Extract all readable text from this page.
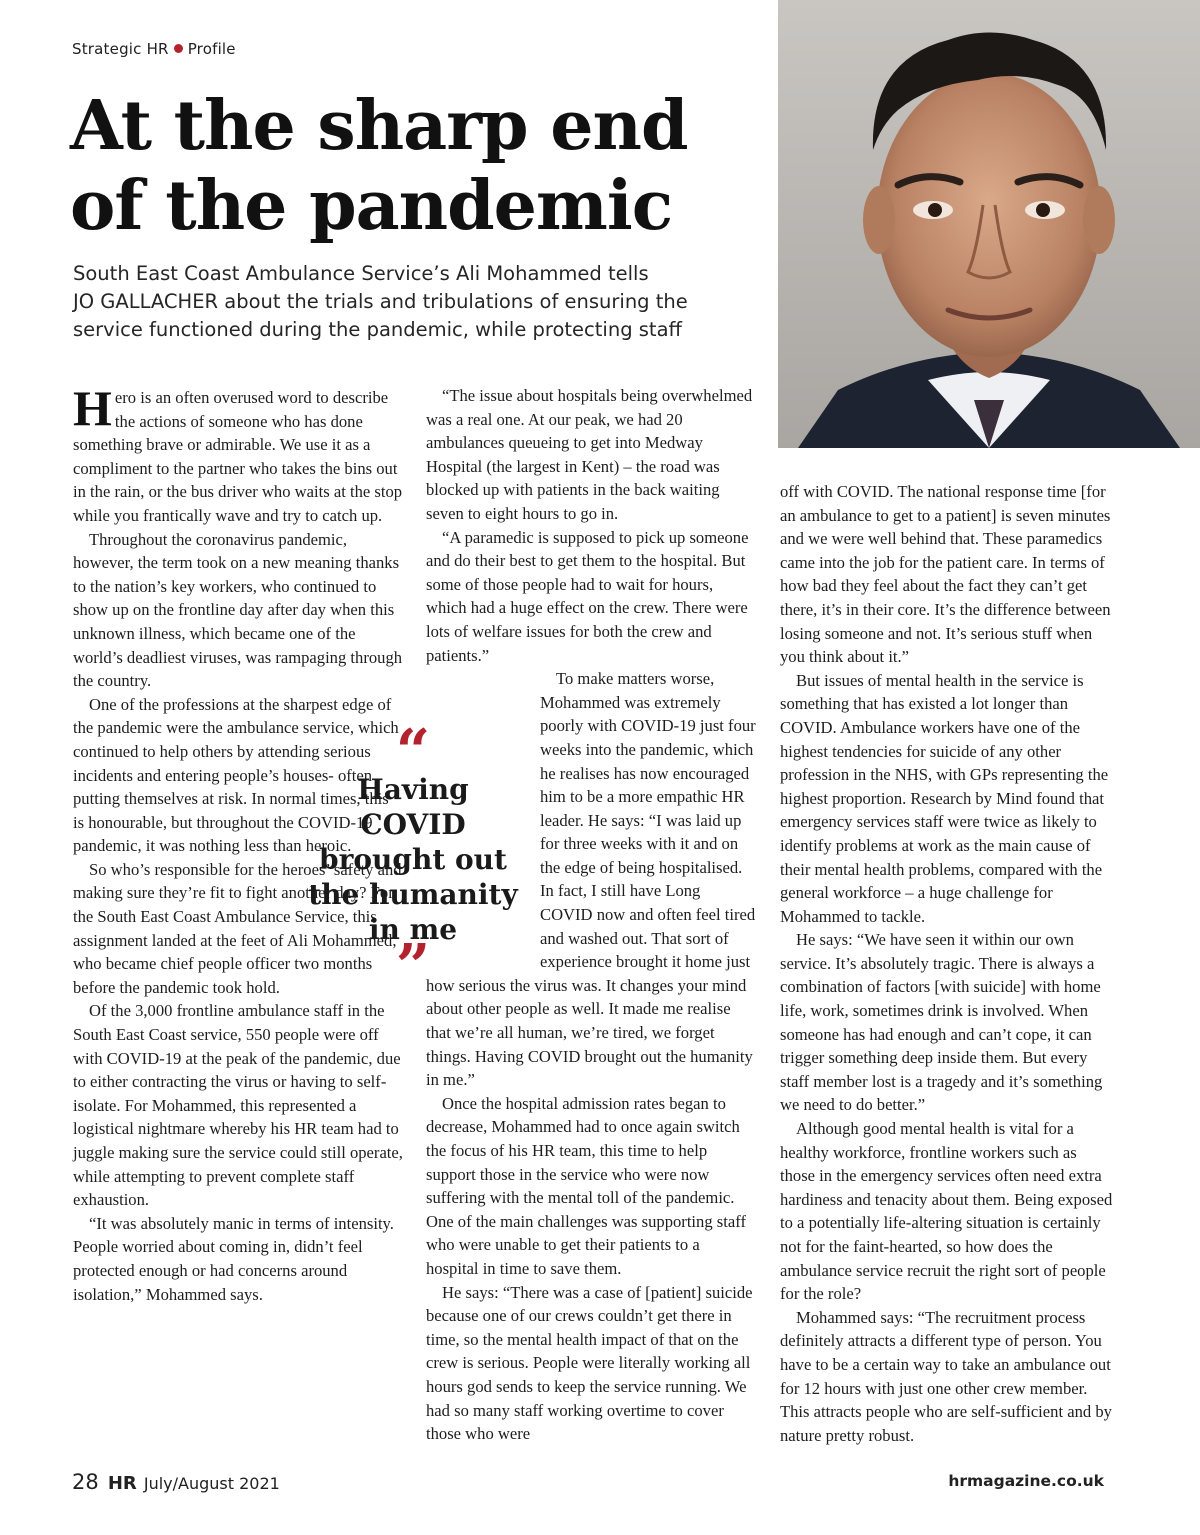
Strategic HR Profile
At the sharp end
of the pandemic

South East Coast Ambulance Service’s Ali Mohammed tells
JO GALLACHER about the trials and tribulations of ensuring the
service functioned during the pandemic, while protecting staff

Hero is an often overused word to describe the actions of someone who has done something brave or admirable. We use it as a compliment to the partner who takes the bins out in the rain, or the bus driver who waits at the stop while you frantically wave and try to catch up.

Throughout the coronavirus pandemic, however, the term took on a new meaning thanks to the nation’s key workers, who continued to show up on the frontline day after day when this unknown illness, which became one of the world’s deadliest viruses, was rampaging through the country.

One of the professions at the sharpest edge of the pandemic were the ambulance service, which continued to help others by attending serious incidents and entering people’s houses- often putting themselves at risk. In normal times, this is honourable, but throughout the COVID-19 pandemic, it was nothing less than heroic.

So who’s responsible for the heroes’ safety and making sure they’re fit to fight another day? For the South East Coast Ambulance Service, this assignment landed at the feet of Ali Mohammed, who became chief people officer two months before the pandemic took hold.

Of the 3,000 frontline ambulance staff in the South East Coast service, 550 people were off with COVID-19 at the peak of the pandemic, due to either contracting the virus or having to self-isolate. For Mohammed, this represented a logistical nightmare whereby his HR team had to juggle making sure the service could still operate, while attempting to prevent complete staff exhaustion.

“It was absolutely manic in terms of intensity. People worried about coming in, didn’t feel protected enough or had concerns around isolation,” Mohammed says.

“
Having COVID brought out the humanity in me
”

“The issue about hospitals being overwhelmed was a real one. At our peak, we had 20 ambulances queueing to get into Medway Hospital (the largest in Kent) – the road was blocked up with patients in the back waiting seven to eight hours to go in.

“A paramedic is supposed to pick up someone and do their best to get them to the hospital. But some of those people had to wait for hours, which had a huge effect on the crew. There were lots of welfare issues for both the crew and patients.”

To make matters worse, Mohammed was extremely poorly with COVID-19 just four weeks into the pandemic, which he realises has now encouraged him to be a more empathic HR leader. He says: “I was laid up for three weeks with it and on the edge of being hospitalised. In fact, I still have Long COVID now and often feel tired and washed out. That sort of experience brought it home just how serious the virus was. It changes your mind about other people as well. It made me realise that we’re all human, we’re tired, we forget things. Having COVID brought out the humanity in me.”

Once the hospital admission rates began to decrease, Mohammed had to once again switch the focus of his HR team, this time to help support those in the service who were now suffering with the mental toll of the pandemic. One of the main challenges was supporting staff who were unable to get their patients to a hospital in time to save them.

He says: “There was a case of [patient] suicide because one of our crews couldn’t get there in time, so the mental health impact of that on the crew is serious. People were literally working all hours god sends to keep the service running. We had so many staff working overtime to cover those who were

off with COVID. The national response time [for an ambulance to get to a patient] is seven minutes and we were well behind that. These paramedics came into the job for the patient care. In terms of how bad they feel about the fact they can’t get there, it’s in their core. It’s the difference between losing someone and not. It’s serious stuff when you think about it.”

But issues of mental health in the service is something that has existed a lot longer than COVID. Ambulance workers have one of the highest tendencies for suicide of any other profession in the NHS, with GPs representing the highest proportion. Research by Mind found that emergency services staff were twice as likely to identify problems at work as the main cause of their mental health problems, compared with the general workforce – a huge challenge for Mohammed to tackle.

He says: “We have seen it within our own service. It’s absolutely tragic. There is always a combination of factors [with suicide] with home life, work, sometimes drink is involved. When someone has had enough and can’t cope, it can trigger something deep inside them. But every staff member lost is a tragedy and it’s something we need to do better.”

Although good mental health is vital for a healthy workforce, frontline workers such as those in the emergency services often need extra hardiness and tenacity about them. Being exposed to a potentially life-altering situation is certainly not for the faint-hearted, so how does the ambulance service recruit the right sort of people for the role?

Mohammed says: “The recruitment process definitely attracts a different type of person. You have to be a certain way to take an ambulance out for 12 hours with just one other crew member. This attracts people who are self-sufficient and by nature pretty robust.

28 HR July/August 2021	hrmagazine.co.uk
